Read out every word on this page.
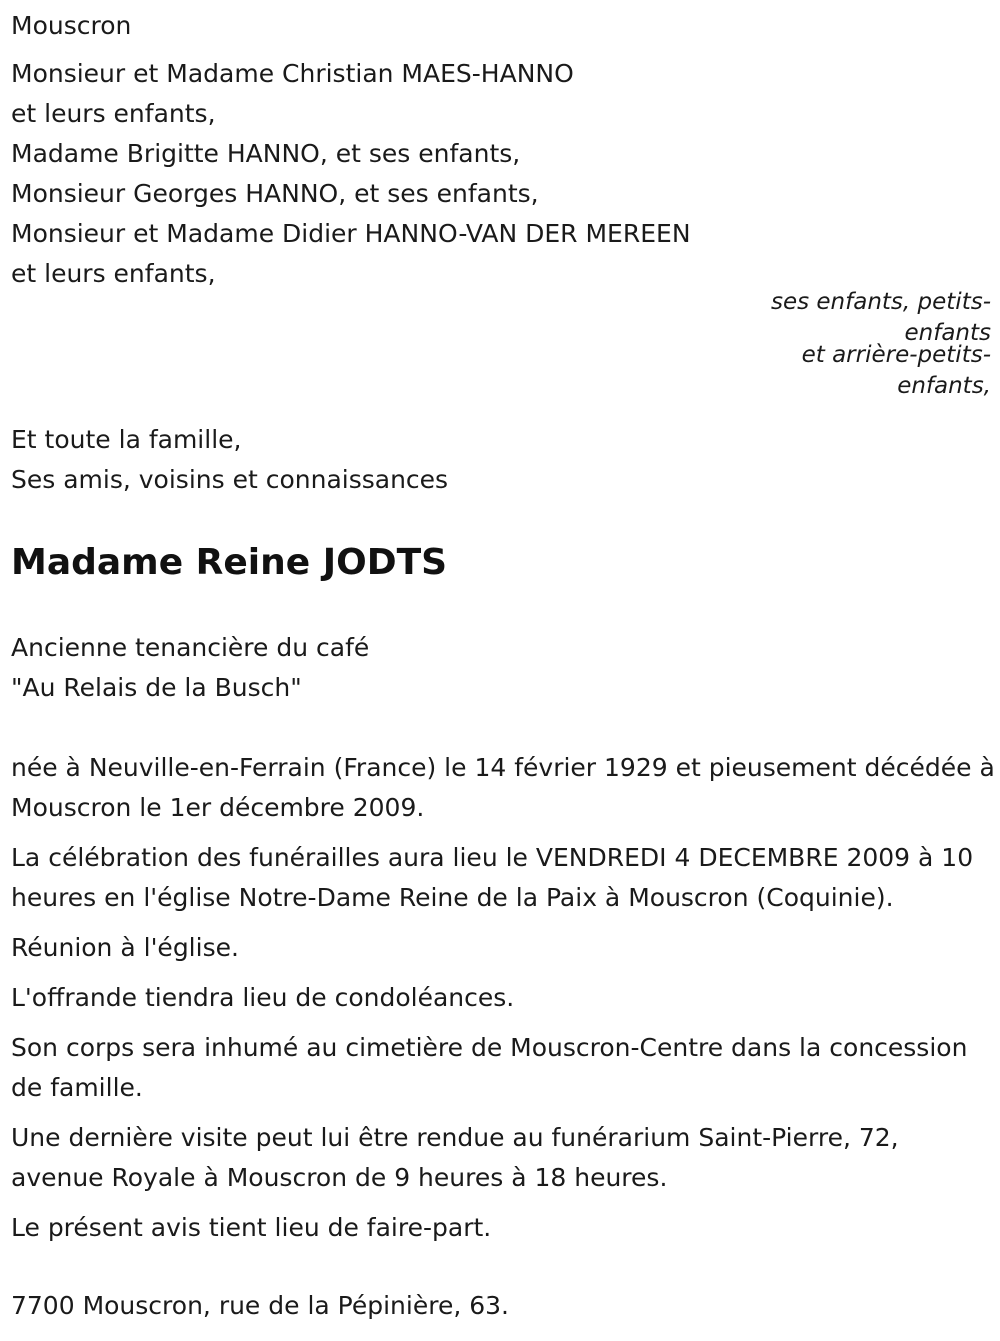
Mouscron
Monsieur et Madame Christian MAES-HANNO
et leurs enfants,
Madame Brigitte HANNO, et ses enfants,
Monsieur Georges HANNO, et ses enfants,
Monsieur et Madame Didier HANNO-VAN DER MEREEN
et leurs enfants,
ses enfants, petits-
enfants
et arrière-petits-
enfants,
Et toute la famille,
Ses amis, voisins et connaissances
Madame Reine JODTS
Ancienne tenancière du café
"Au Relais de la Busch"
née à Neuville-en-Ferrain (France) le 14 février 1929 et pieusement décédée à Mouscron le 1er décembre 2009.
La célébration des funérailles aura lieu le VENDREDI 4 DECEMBRE 2009 à 10 heures en l'église Notre-Dame Reine de la Paix à Mouscron (Coquinie).
Réunion à l'église.
L'offrande tiendra lieu de condoléances.
Son corps sera inhumé au cimetière de Mouscron-Centre dans la concession de famille.
Une dernière visite peut lui être rendue au funérarium Saint-Pierre, 72, avenue Royale à Mouscron de 9 heures à 18 heures.
Le présent avis tient lieu de faire-part.
7700 Mouscron, rue de la Pépinière, 63.
